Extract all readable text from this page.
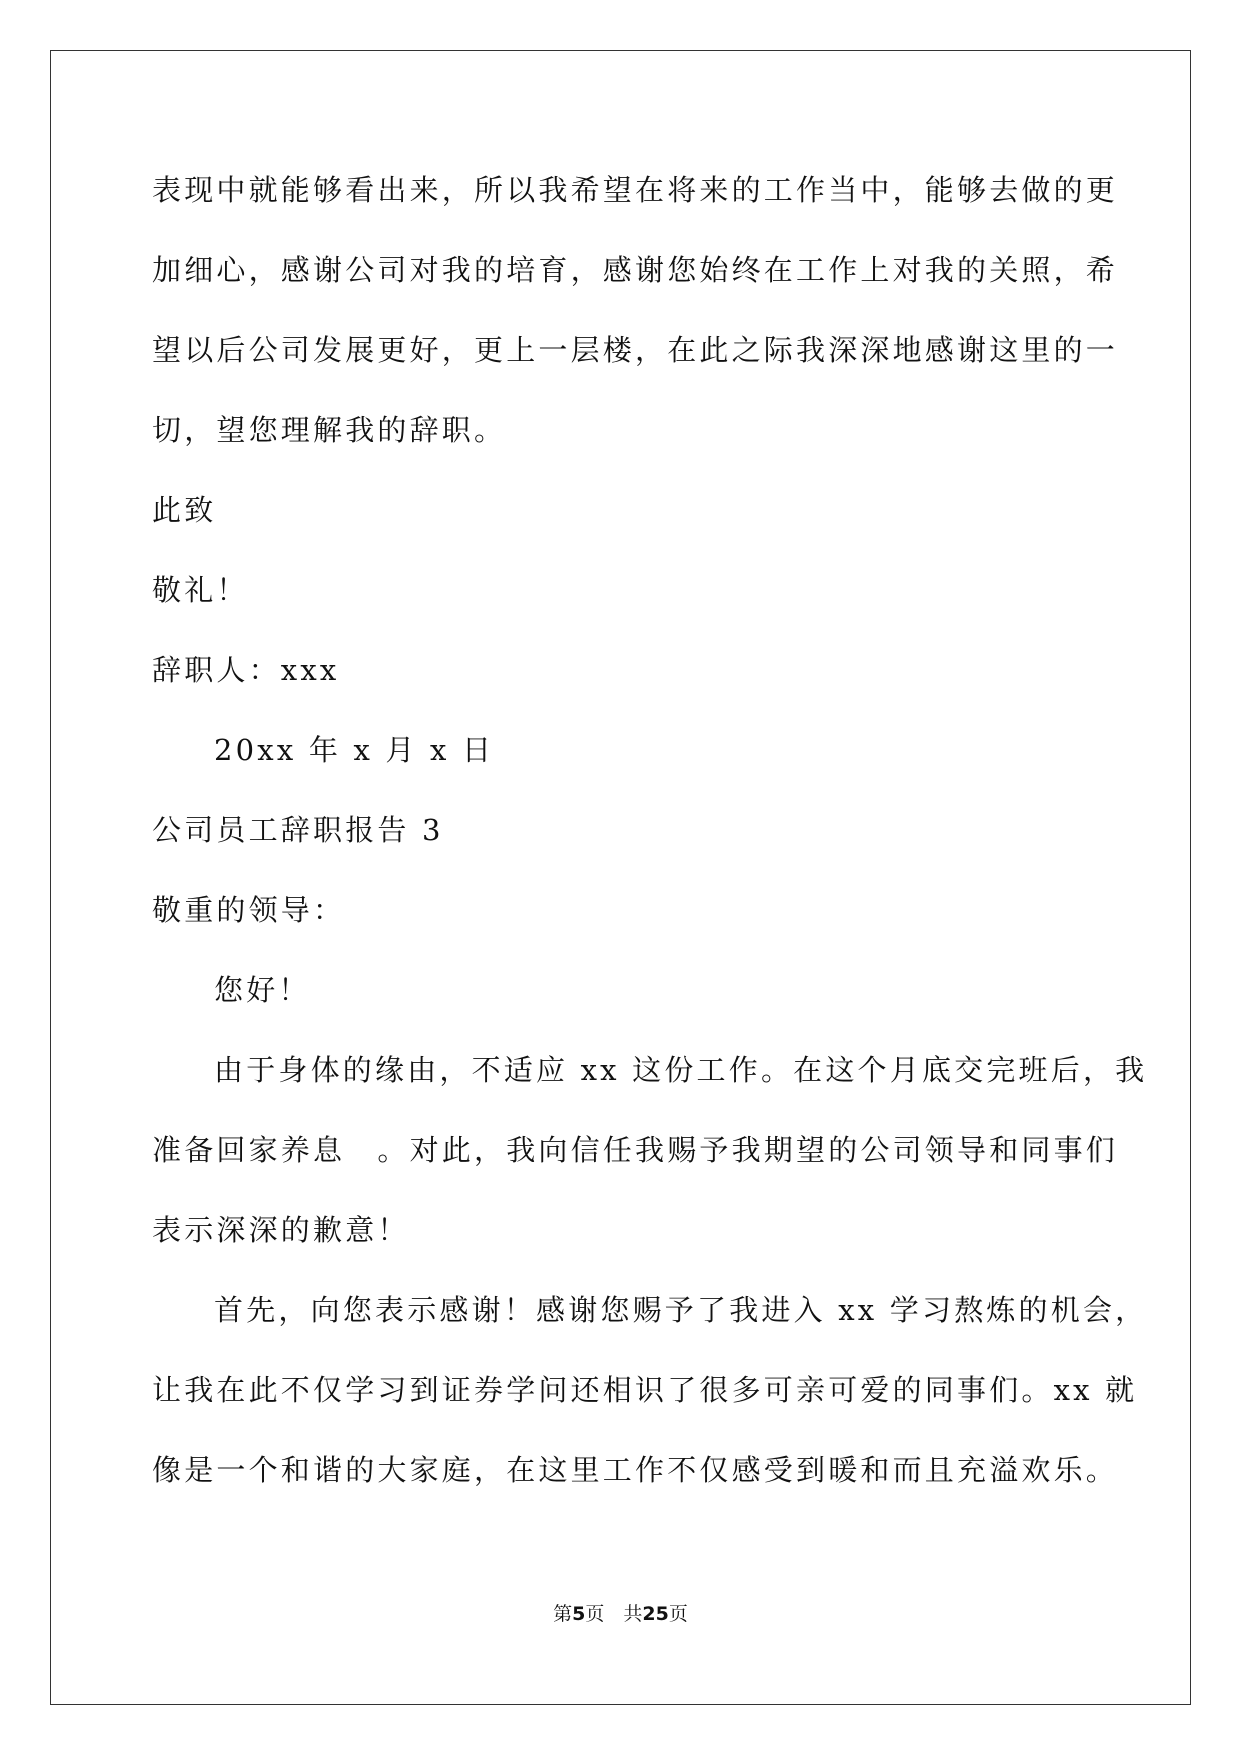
表现中就能够看出来，所以我希望在将来的工作当中，能够去做的更
加细心，感谢公司对我的培育，感谢您始终在工作上对我的关照，希
望以后公司发展更好，更上一层楼，在此之际我深深地感谢这里的一
切，望您理解我的辞职。
此致
敬礼！
辞职人：xxx
20xx 年 x 月 x 日
公司员工辞职报告 3
敬重的领导：
您好！
由于身体的缘由，不适应 xx 这份工作。在这个月底交完班后，我
准备回家养息　。对此，我向信任我赐予我期望的公司领导和同事们
表示深深的歉意！
首先，向您表示感谢！感谢您赐予了我进入 xx 学习熬炼的机会，
让我在此不仅学习到证券学问还相识了很多可亲可爱的同事们。xx 就
像是一个和谐的大家庭，在这里工作不仅感受到暖和而且充溢欢乐。
第5页　共25页
